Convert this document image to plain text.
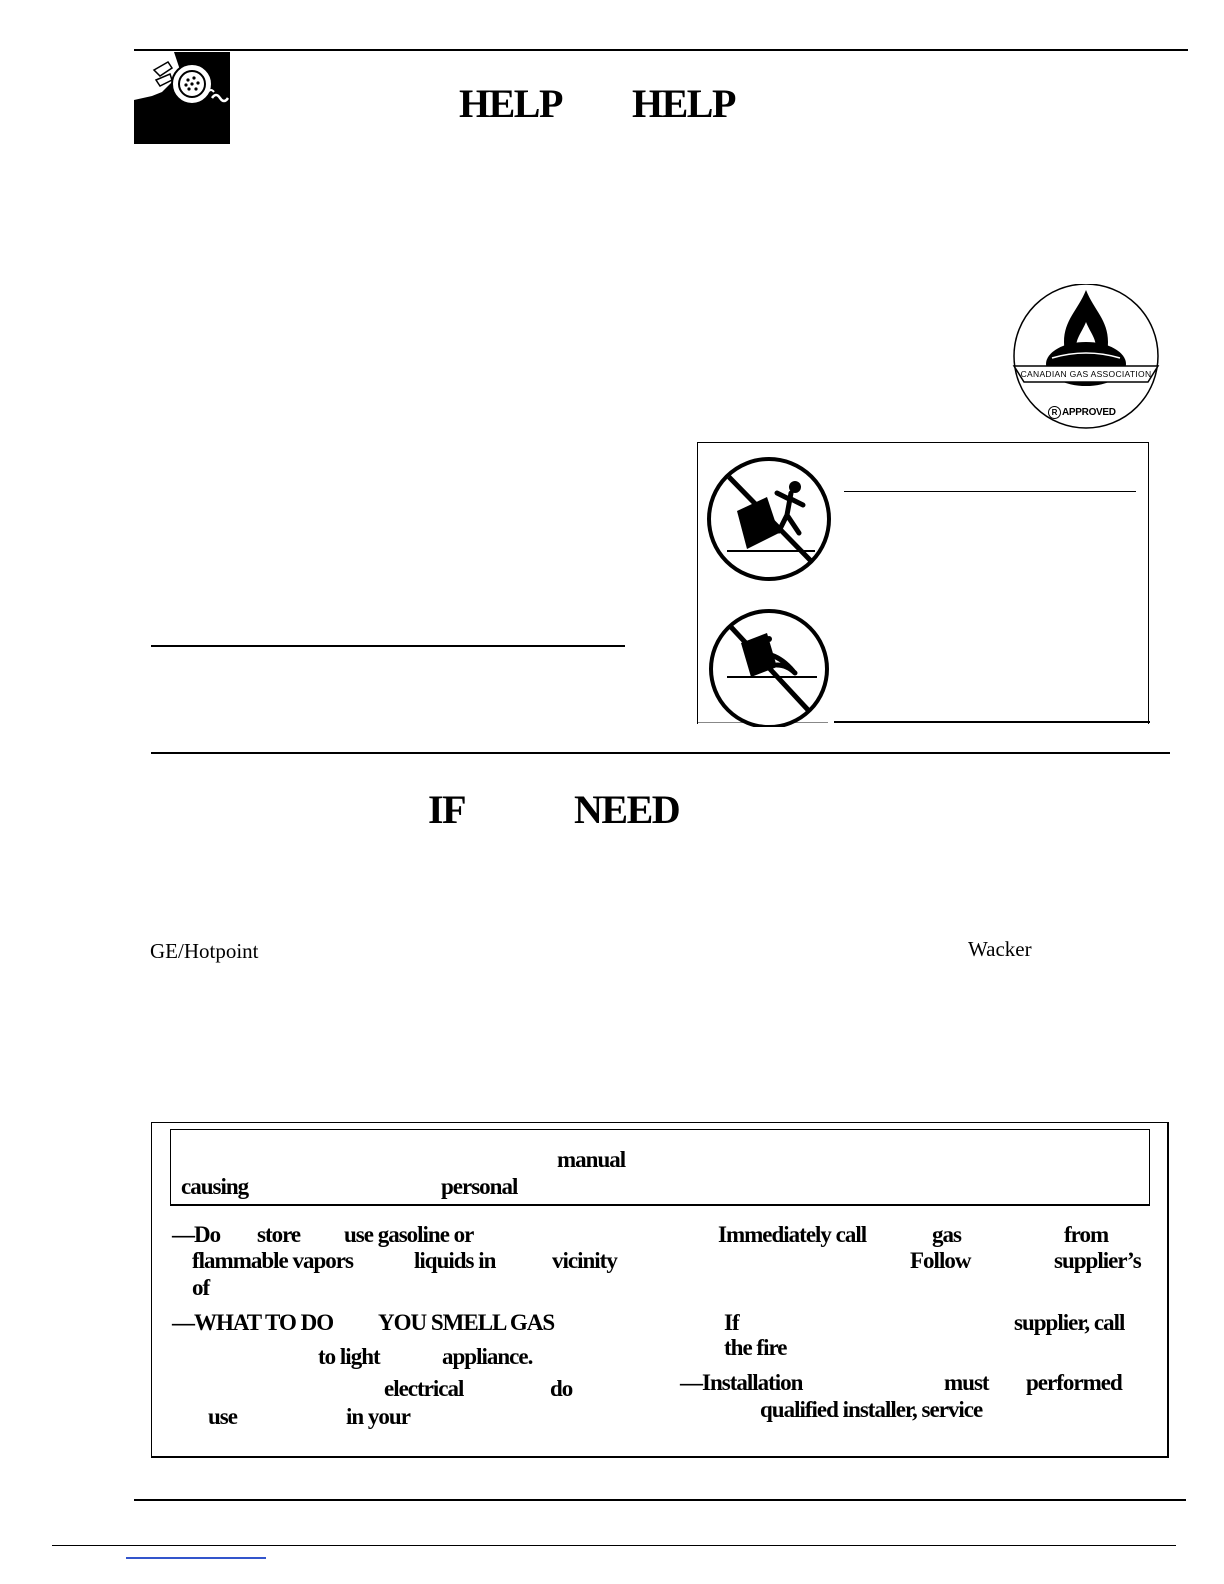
HELP HELP
CANADIAN GAS ASSOCIATION
R APPROVED
IF	NEED
GE/Hotpoint	Wacker
manual
causing	personal
—Do store use gasoline or
flammable vapors	liquids in vicinity
of
—WHAT TO DO YOU SMELL GAS
to light	appliance.
electrical	do
use	in your
Immediately call	gas	from
Follow	supplier’s
If	supplier, call
the fire
—Installation	must performed
qualified installer, service
